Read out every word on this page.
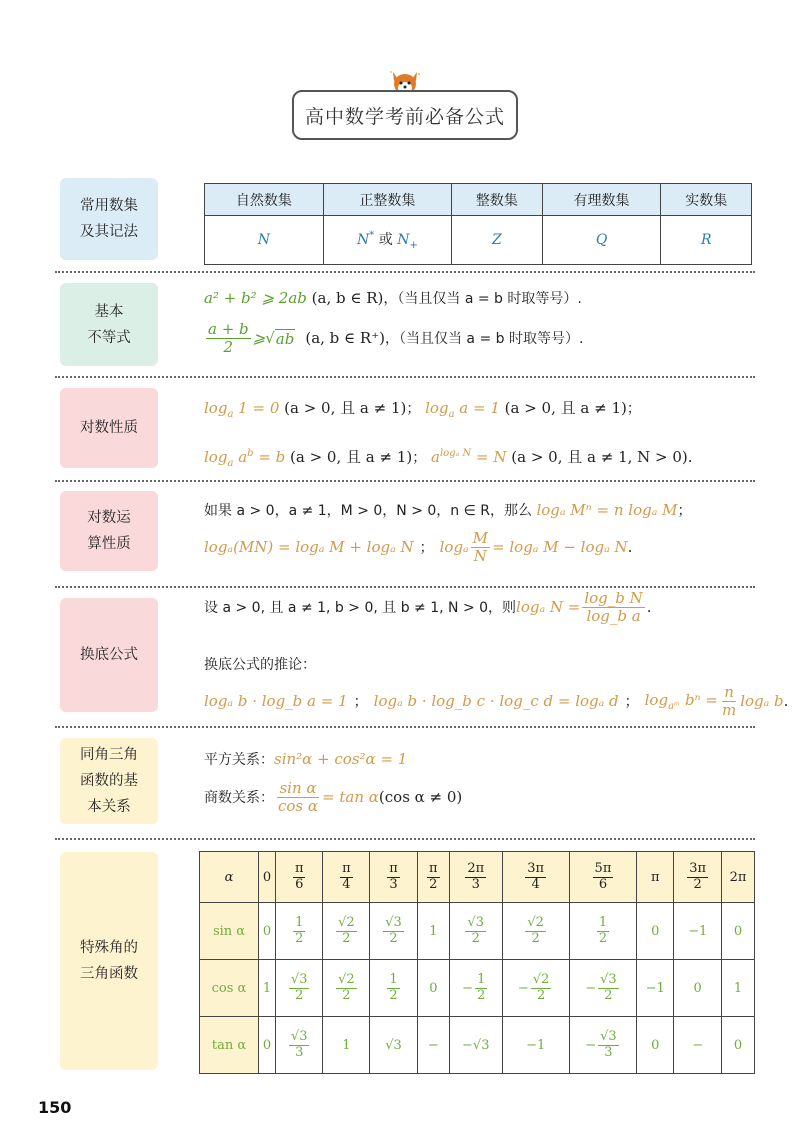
高中数学考前必备公式
常用数集
及其记法
自然数集	正整数集	整数集	有理数集	实数集
N	N* 或 $N_+$	Z	Q	R
基本
不等式
a² + b² ⩾ 2ab (a, b ∈ R)，（当且仅当 a = b 时取等号）.
$\frac{a + b}{2}$ ⩾ √ ab (a, b ∈ R⁺) ，（当且仅当 a = b 时取等号）.
对数性质
$\log_a 1 = 0$ (a > 0, 且 a ≠ 1)； $\log_a a = 1$ (a > 0, 且 a ≠ 1)；
$\log_a a^b = b$ (a > 0, 且 a ≠ 1)； $a^{log_a N} = N$ (a > 0, 且 a ≠ 1, N > 0).
对数运
算性质
如果 a > 0，a ≠ 1，M > 0，N > 0，n ∈ R，那么 logₐ Mⁿ = n logₐ M；
logₐ(MN) = logₐ M + logₐ N ； logₐ $\frac{M}{N} = \log_a$ M − logₐ N .
换底公式
设 a > 0, 且 a ≠ 1, b > 0, 且 b ≠ 1, N > 0，则 logₐ $N = \frac{\text{log\_b N}}{\text{log\_b a}}$ .
换底公式的推论：
logₐ b · log_b a = 1 ； logₐ b · log_b c · log_c d = logₐ d ； $\log_{aᵐ} b^n = \frac{n}{m}$ logₐ b .
同角三角
函数的基
本关系
平方关系：sin²α + cos²α = 1
商数关系： $\frac{\text{sin α}}{\text{cos α}} = \tan \alpha$ (cos α ≠ 0)
特殊角的
三角函数
α	0	$\frac{\pi}{6}$	$\frac{\pi}{4}$	$\frac{\pi}{3}$	$\frac{\pi}{2}$	$\frac{2\pi}{3}$	$\frac{3\pi}{4}$	$\frac{5\pi}{6}$	π	$\frac{3\pi}{2}$	2π

sin α	0	$\frac{1}{2}$	$\frac{√2}{2}$	$\frac{√3}{2}$	1	$\frac{√3}{2}$	$\frac{√2}{2}$	$\frac{1}{2}$	0	−1	0

cos α	1	$\frac{√3}{2}$	$\frac{√2}{2}$	$\frac{1}{2}$	0	− $\frac{1}{2}$	− $\frac{√2}{2}$	− $\frac{√3}{2}$	−1	0	1

tan α	0	$\frac{√3}{3}$	1	√3	−	−√3	−1	− $\frac{√3}{3}$	0	−	0
150
